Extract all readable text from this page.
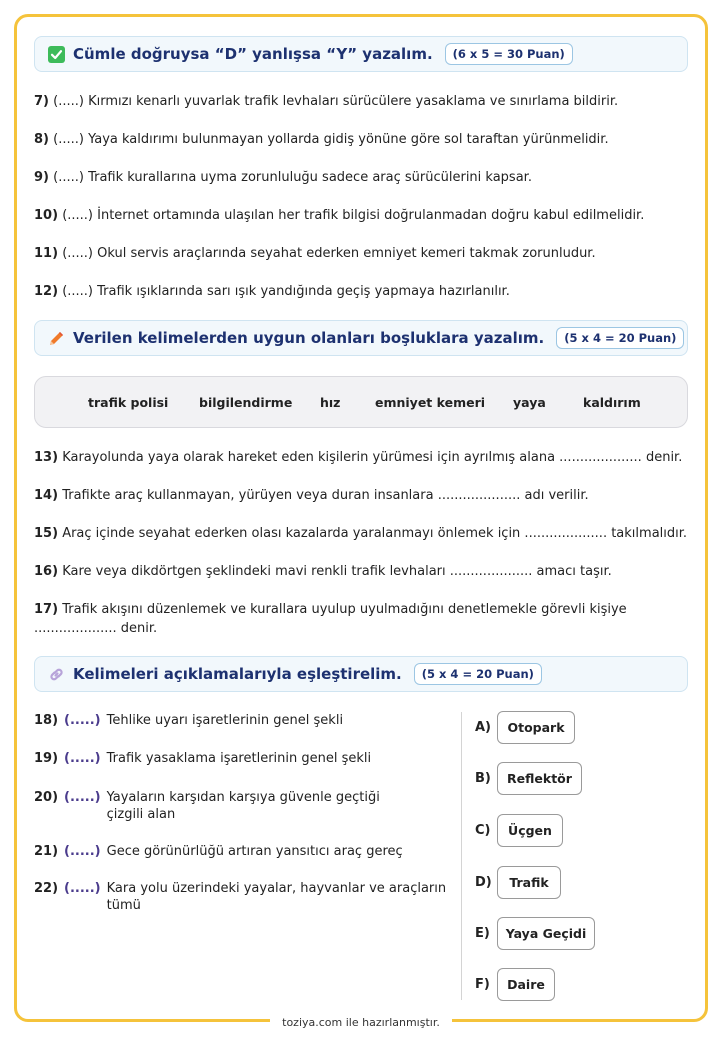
Cümle doğruysa “D” yanlışsa “Y” yazalım.	(6 x 5 = 30 Puan)
7) (.....) Kırmızı kenarlı yuvarlak trafik levhaları sürücülere yasaklama ve sınırlama bildirir.
8) (.....) Yaya kaldırımı bulunmayan yollarda gidiş yönüne göre sol taraftan yürünmelidir.
9) (.....) Trafik kurallarına uyma zorunluluğu sadece araç sürücülerini kapsar.
10) (.....) İnternet ortamında ulaşılan her trafik bilgisi doğrulanmadan doğru kabul edilmelidir.
11) (.....) Okul servis araçlarında seyahat ederken emniyet kemeri takmak zorunludur.
12) (.....) Trafik ışıklarında sarı ışık yandığında geçiş yapmaya hazırlanılır.
Verilen kelimelerden uygun olanları boşluklara yazalım.	(5 x 4 = 20 Puan)
trafik polisi bilgilendirme hız	emniyet kemeri yaya	kaldırım
13) Karayolunda yaya olarak hareket eden kişilerin yürümesi için ayrılmış alana .................... denir.
14) Trafikte araç kullanmayan, yürüyen veya duran insanlara .................... adı verilir.
15) Araç içinde seyahat ederken olası kazalarda yaralanmayı önlemek için .................... takılmalıdır.
16) Kare veya dikdörtgen şeklindeki mavi renkli trafik levhaları .................... amacı taşır.
17) Trafik akışını düzenlemek ve kurallara uyulup uyulmadığını denetlemekle görevli kişiye .................... denir.
Kelimeleri açıklamalarıyla eşleştirelim.	(5 x 4 = 20 Puan)
18) (.....) Tehlike uyarı işaretlerinin genel şekli
19) (.....) Trafik yasaklama işaretlerinin genel şekli
20) (.....) Yayaların karşıdan karşıya güvenle geçtiği çizgili alan
21) (.....) Gece görünürlüğü artıran yansıtıcı araç gereç
22) (.....) Kara yolu üzerindeki yayalar, hayvanlar ve araçların tümü
A)	Otopark
B)	Reflektör
C)	Üçgen
D)	Trafik
E)	Yaya Geçidi
F)	Daire
toziya.com ile hazırlanmıştır.
